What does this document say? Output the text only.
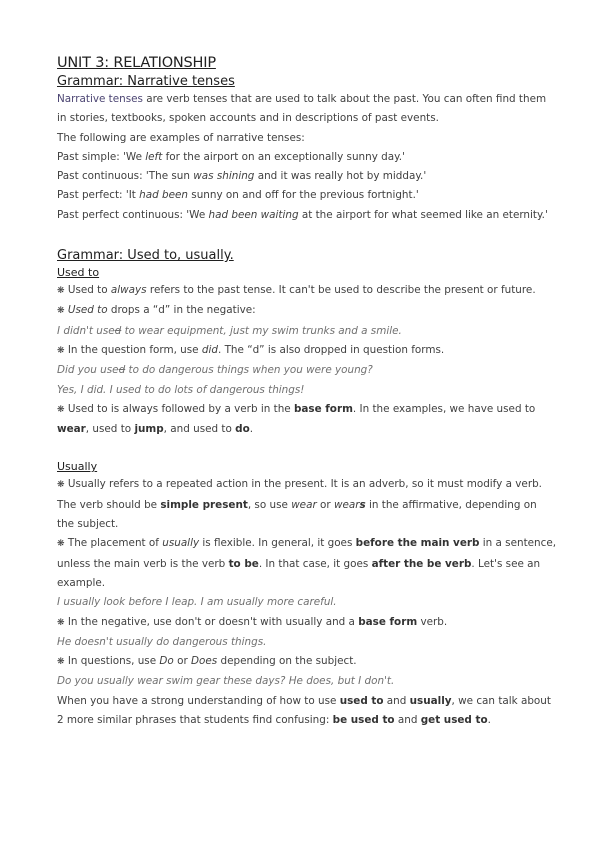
UNIT 3: RELATIONSHIP
Grammar: Narrative tenses

Narrative tenses are verb tenses that are used to talk about the past. You can often find them in stories, textbooks, spoken accounts and in descriptions of past events.

The following are examples of narrative tenses:

Past simple: 'We left for the airport on an exceptionally sunny day.'

Past continuous: 'The sun was shining and it was really hot by midday.'

Past perfect: 'It had been sunny on and off for the previous fortnight.'

Past perfect continuous: 'We had been waiting at the airport for what seemed like an eternity.'

Grammar: Used to, usually.
Used to

❋ Used to always refers to the past tense. It can't be used to describe the present or future.

❋ Used to drops a “d” in the negative:

I didn't used to wear equipment, just my swim trunks and a smile.

❋ In the question form, use did. The “d” is also dropped in question forms.

Did you used to do dangerous things when you were young?

Yes, I did. I used to do lots of dangerous things!

❋ Used to is always followed by a verb in the base form. In the examples, we have used to wear, used to jump, and used to do.

Usually

❋ Usually refers to a repeated action in the present. It is an adverb, so it must modify a verb. The verb should be simple present, so use wear or wears in the affirmative, depending on the subject.

❋ The placement of usually is flexible. In general, it goes before the main verb in a sentence, unless the main verb is the verb to be. In that case, it goes after the be verb. Let's see an example.

I usually look before I leap. I am usually more careful.

❋ In the negative, use don't or doesn't with usually and a base form verb.

He doesn't usually do dangerous things.

❋ In questions, use Do or Does depending on the subject.

Do you usually wear swim gear these days? He does, but I don't.

When you have a strong understanding of how to use used to and usually, we can talk about 2 more similar phrases that students find confusing: be used to and get used to.
